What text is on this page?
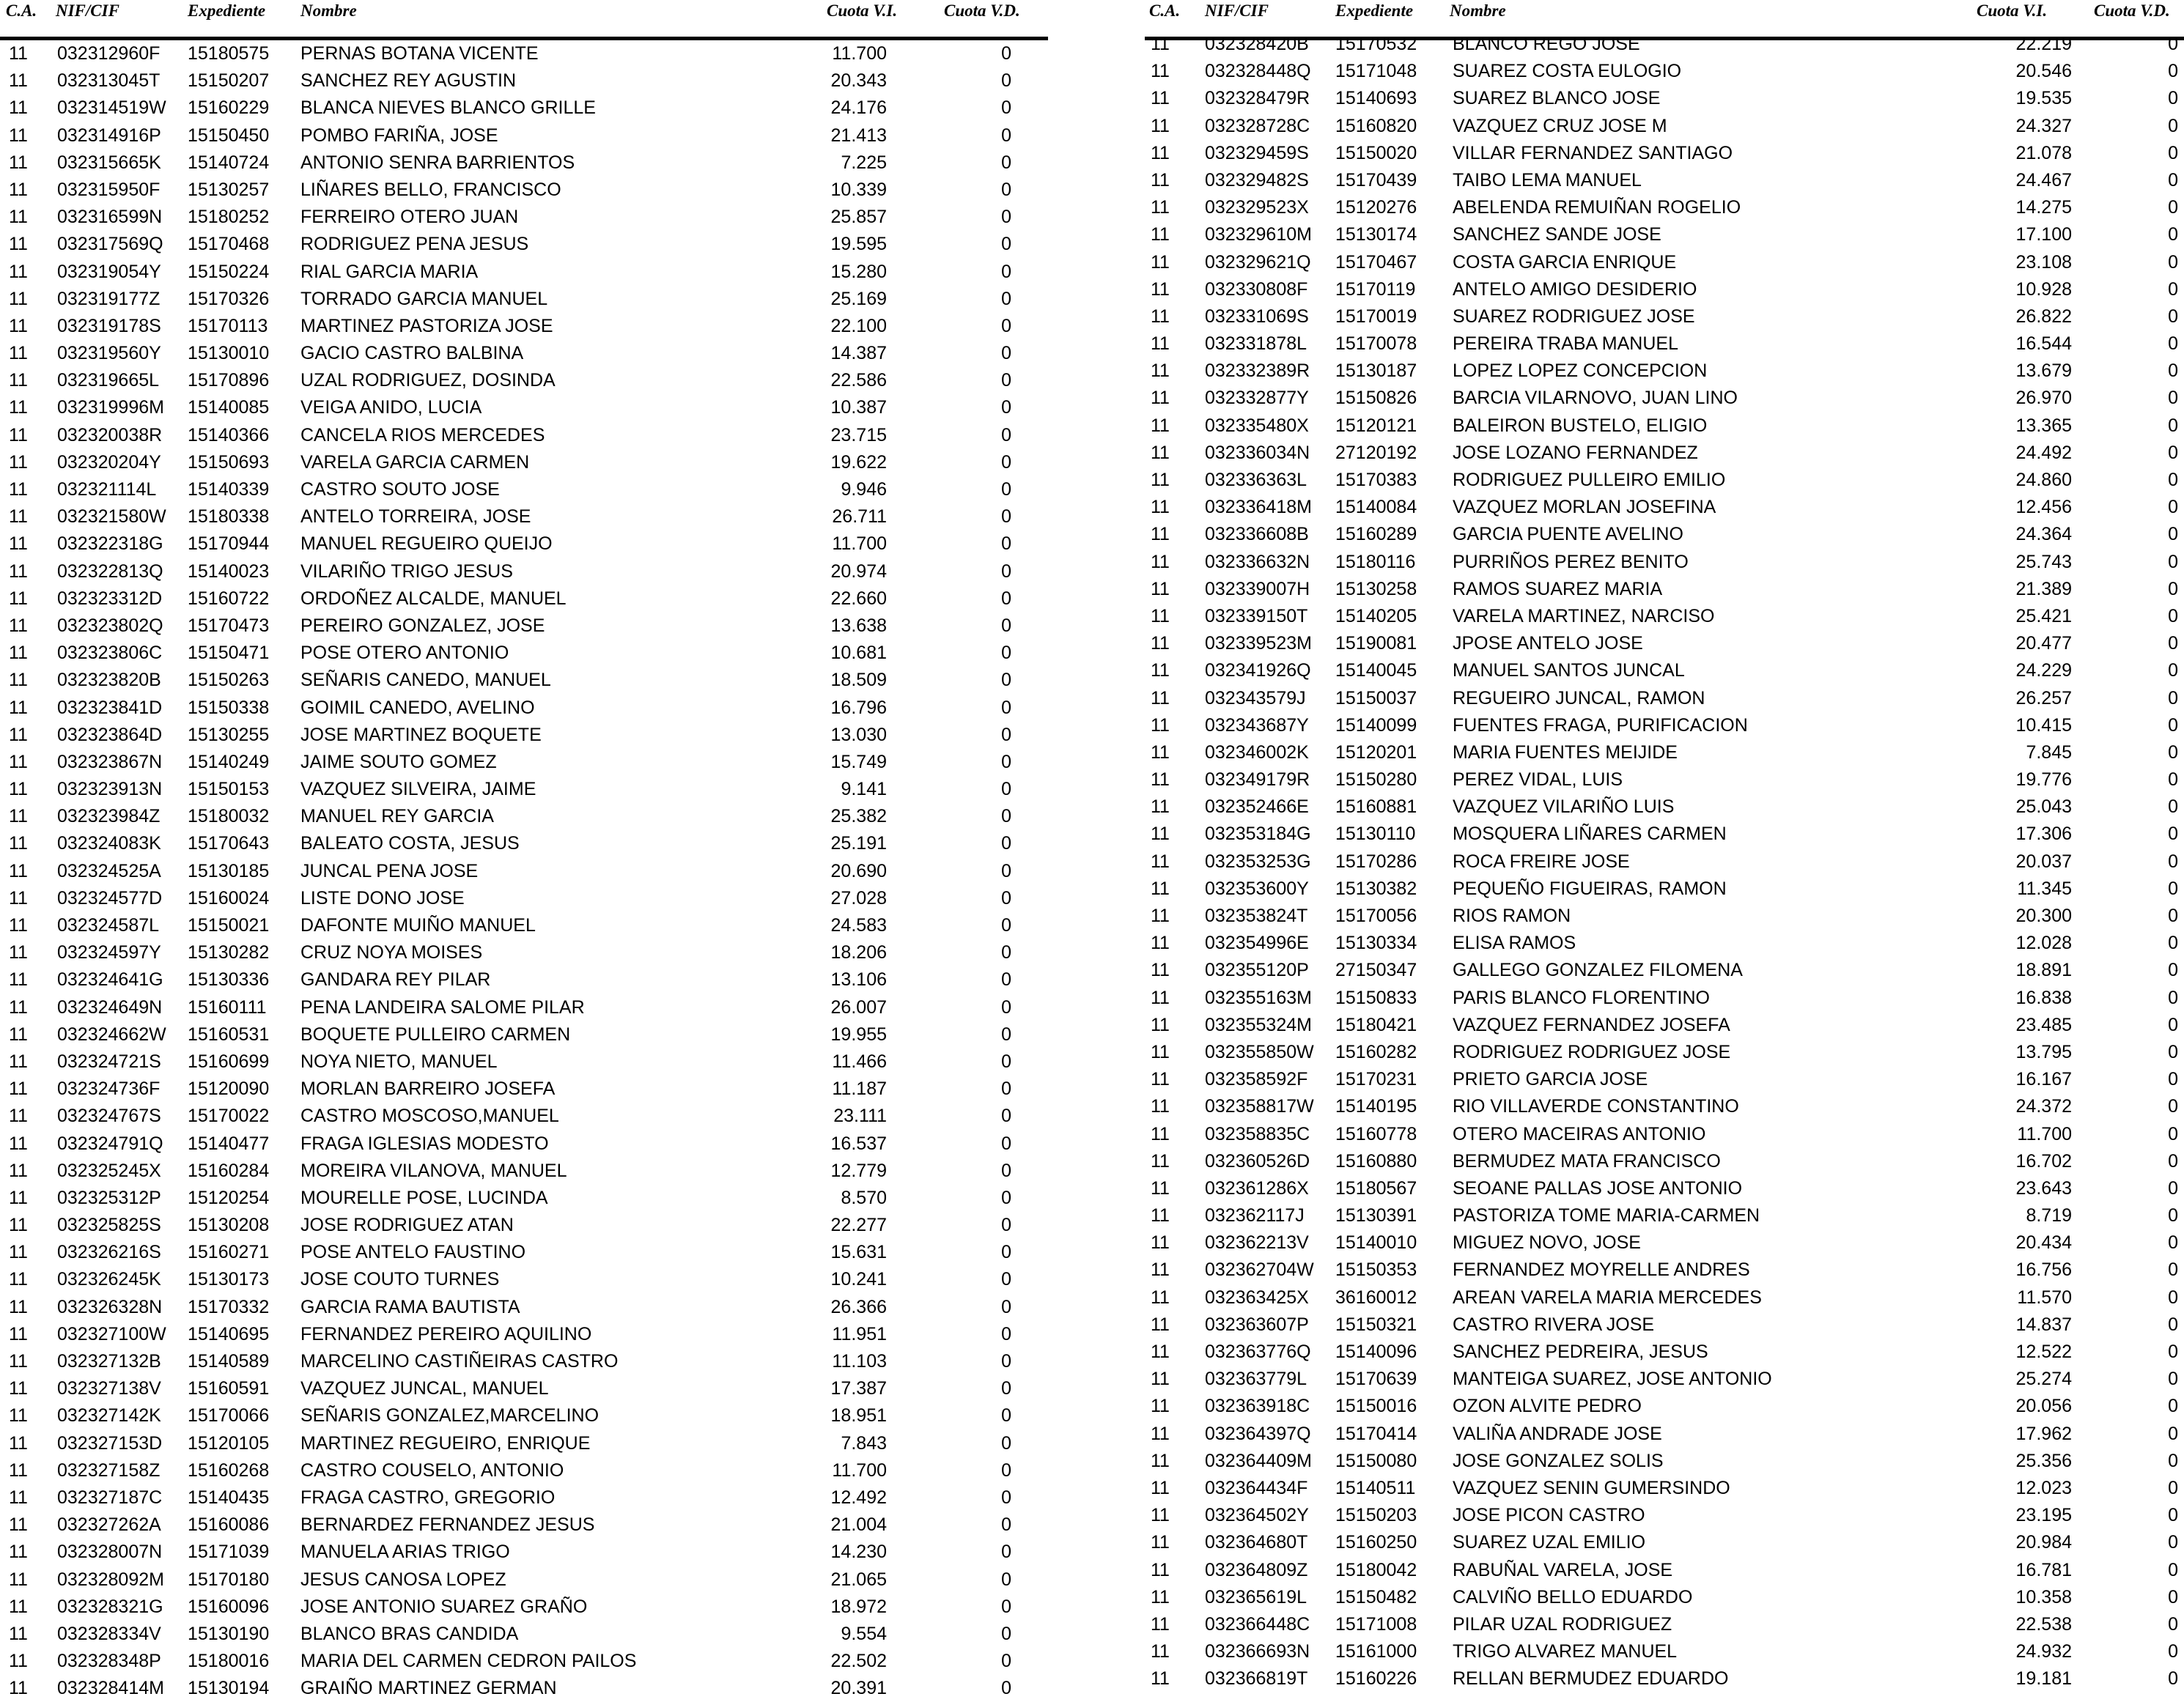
C.A. NIF/CIF	Expediente Nombre	Cuota V.I.	Cuota V.D.
11 032312960F 15180575 PERNAS BOTANA VICENTE	11.700	0
11 032313045T 15150207 SANCHEZ REY AGUSTIN	20.343	0
11 032314519W 15160229 BLANCA NIEVES BLANCO GRILLE	24.176	0
11 032314916P 15150450 POMBO FARIÑA, JOSE	21.413	0
11 032315665K 15140724 ANTONIO SENRA BARRIENTOS	7.225	0
11 032315950F 15130257 LIÑARES BELLO, FRANCISCO	10.339	0
11 032316599N 15180252 FERREIRO OTERO JUAN	25.857	0
11 032317569Q 15170468 RODRIGUEZ PENA JESUS	19.595	0
11 032319054Y 15150224 RIAL GARCIA MARIA	15.280	0
11 032319177Z 15170326 TORRADO GARCIA MANUEL	25.169	0
11 032319178S 15170113 MARTINEZ PASTORIZA JOSE	22.100	0
11 032319560Y 15130010 GACIO CASTRO BALBINA	14.387	0
11 032319665L 15170896 UZAL RODRIGUEZ, DOSINDA	22.586	0
11 032319996M 15140085 VEIGA ANIDO, LUCIA	10.387	0
11 032320038R 15140366 CANCELA RIOS MERCEDES	23.715	0
11 032320204Y 15150693 VARELA GARCIA CARMEN	19.622	0
11 032321114L 15140339 CASTRO SOUTO JOSE	9.946	0
11 032321580W 15180338 ANTELO TORREIRA, JOSE	26.711	0
11 032322318G 15170944 MANUEL REGUEIRO QUEIJO	11.700	0
11 032322813Q 15140023 VILARIÑO TRIGO JESUS	20.974	0
11 032323312D 15160722 ORDOÑEZ ALCALDE, MANUEL	22.660	0
11 032323802Q 15170473 PEREIRO GONZALEZ, JOSE	13.638	0
11 032323806C 15150471 POSE OTERO ANTONIO	10.681	0
11 032323820B 15150263 SEÑARIS CANEDO, MANUEL	18.509	0
11 032323841D 15150338 GOIMIL CANEDO, AVELINO	16.796	0
11 032323864D 15130255 JOSE MARTINEZ BOQUETE	13.030	0
11 032323867N 15140249 JAIME SOUTO GOMEZ	15.749	0
11 032323913N 15150153 VAZQUEZ SILVEIRA, JAIME	9.141	0
11 032323984Z 15180032 MANUEL REY GARCIA	25.382	0
11 032324083K 15170643 BALEATO COSTA, JESUS	25.191	0
11 032324525A 15130185 JUNCAL PENA JOSE	20.690	0
11 032324577D 15160024 LISTE DONO JOSE	27.028	0
11 032324587L 15150021 DAFONTE MUIÑO MANUEL	24.583	0
11 032324597Y 15130282 CRUZ NOYA MOISES	18.206	0
11 032324641G 15130336 GANDARA REY PILAR	13.106	0
11 032324649N 15160111 PENA LANDEIRA SALOME PILAR	26.007	0
11 032324662W 15160531 BOQUETE PULLEIRO CARMEN	19.955	0
11 032324721S 15160699 NOYA NIETO, MANUEL	11.466	0
11 032324736F 15120090 MORLAN BARREIRO JOSEFA	11.187	0
11 032324767S 15170022 CASTRO MOSCOSO,MANUEL	23.111	0
11 032324791Q 15140477 FRAGA IGLESIAS MODESTO	16.537	0
11 032325245X 15160284 MOREIRA VILANOVA, MANUEL	12.779	0
11 032325312P 15120254 MOURELLE POSE, LUCINDA	8.570	0
11 032325825S 15130208 JOSE RODRIGUEZ ATAN	22.277	0
11 032326216S 15160271 POSE ANTELO FAUSTINO	15.631	0
11 032326245K 15130173 JOSE COUTO TURNES	10.241	0
11 032326328N 15170332 GARCIA RAMA BAUTISTA	26.366	0
11 032327100W 15140695 FERNANDEZ PEREIRO AQUILINO	11.951	0
11 032327132B 15140589 MARCELINO CASTIÑEIRAS CASTRO	11.103	0
11 032327138V 15160591 VAZQUEZ JUNCAL, MANUEL	17.387	0
11 032327142K 15170066 SEÑARIS GONZALEZ,MARCELINO	18.951	0
11 032327153D 15120105 MARTINEZ REGUEIRO, ENRIQUE	7.843	0
11 032327158Z 15160268 CASTRO COUSELO, ANTONIO	11.700	0
11 032327187C 15140435 FRAGA CASTRO, GREGORIO	12.492	0
11 032327262A 15160086 BERNARDEZ FERNANDEZ JESUS	21.004	0
11 032328007N 15171039 MANUELA ARIAS TRIGO	14.230	0
11 032328092M 15170180 JESUS CANOSA LOPEZ	21.065	0
11 032328321G 15160096 JOSE ANTONIO SUAREZ GRAÑO	18.972	0
11 032328334V 15130190 BLANCO BRAS CANDIDA	9.554	0
11 032328348P 15180016 MARIA DEL CARMEN CEDRON PAILOS	22.502	0
11 032328414M 15130194 GRAIÑO MARTINEZ GERMAN	20.391	0
C.A. NIF/CIF	Expediente Nombre	Cuota V.I.	Cuota V.D.
11 032328420B 15170532 BLANCO REGO JOSE	22.219	0
11 032328448Q 15171048 SUAREZ COSTA EULOGIO	20.546	0
11 032328479R 15140693 SUAREZ BLANCO JOSE	19.535	0
11 032328728C 15160820 VAZQUEZ CRUZ JOSE M	24.327	0
11 032329459S 15150020 VILLAR FERNANDEZ SANTIAGO	21.078	0
11 032329482S 15170439 TAIBO LEMA MANUEL	24.467	0
11 032329523X 15120276 ABELENDA REMUIÑAN ROGELIO	14.275	0
11 032329610M 15130174 SANCHEZ SANDE JOSE	17.100	0
11 032329621Q 15170467 COSTA GARCIA ENRIQUE	23.108	0
11 032330808F 15170119 ANTELO AMIGO DESIDERIO	10.928	0
11 032331069S 15170019 SUAREZ RODRIGUEZ JOSE	26.822	0
11 032331878L 15170078 PEREIRA TRABA MANUEL	16.544	0
11 032332389R 15130187 LOPEZ LOPEZ CONCEPCION	13.679	0
11 032332877Y 15150826 BARCIA VILARNOVO, JUAN LINO	26.970	0
11 032335480X 15120121 BALEIRON BUSTELO, ELIGIO	13.365	0
11 032336034N 27120192 JOSE LOZANO FERNANDEZ	24.492	0
11 032336363L 15170383 RODRIGUEZ PULLEIRO EMILIO	24.860	0
11 032336418M 15140084 VAZQUEZ MORLAN JOSEFINA	12.456	0
11 032336608B 15160289 GARCIA PUENTE AVELINO	24.364	0
11 032336632N 15180116 PURRIÑOS PEREZ BENITO	25.743	0
11 032339007H 15130258 RAMOS SUAREZ MARIA	21.389	0
11 032339150T 15140205 VARELA MARTINEZ, NARCISO	25.421	0
11 032339523M 15190081 JPOSE ANTELO JOSE	20.477	0
11 032341926Q 15140045 MANUEL SANTOS JUNCAL	24.229	0
11 032343579J 15150037 REGUEIRO JUNCAL, RAMON	26.257	0
11 032343687Y 15140099 FUENTES FRAGA, PURIFICACION	10.415	0
11 032346002K 15120201 MARIA FUENTES MEIJIDE	7.845	0
11 032349179R 15150280 PEREZ VIDAL, LUIS	19.776	0
11 032352466E 15160881 VAZQUEZ VILARIÑO LUIS	25.043	0
11 032353184G 15130110 MOSQUERA LIÑARES CARMEN	17.306	0
11 032353253G 15170286 ROCA FREIRE JOSE	20.037	0
11 032353600Y 15130382 PEQUEÑO FIGUEIRAS, RAMON	11.345	0
11 032353824T 15170056 RIOS RAMON	20.300	0
11 032354996E 15130334 ELISA RAMOS	12.028	0
11 032355120P 27150347 GALLEGO GONZALEZ FILOMENA	18.891	0
11 032355163M 15150833 PARIS BLANCO FLORENTINO	16.838	0
11 032355324M 15180421 VAZQUEZ FERNANDEZ JOSEFA	23.485	0
11 032355850W 15160282 RODRIGUEZ RODRIGUEZ JOSE	13.795	0
11 032358592F 15170231 PRIETO GARCIA JOSE	16.167	0
11 032358817W 15140195 RIO VILLAVERDE CONSTANTINO	24.372	0
11 032358835C 15160778 OTERO MACEIRAS ANTONIO	11.700	0
11 032360526D 15160880 BERMUDEZ MATA FRANCISCO	16.702	0
11 032361286X 15180567 SEOANE PALLAS JOSE ANTONIO	23.643	0
11 032362117J 15130391 PASTORIZA TOME MARIA-CARMEN	8.719	0
11 032362213V 15140010 MIGUEZ NOVO, JOSE	20.434	0
11 032362704W 15150353 FERNANDEZ MOYRELLE ANDRES	16.756	0
11 032363425X 36160012 AREAN VARELA MARIA MERCEDES	11.570	0
11 032363607P 15150321 CASTRO RIVERA JOSE	14.837	0
11 032363776Q 15140096 SANCHEZ PEDREIRA, JESUS	12.522	0
11 032363779L 15170639 MANTEIGA SUAREZ, JOSE ANTONIO	25.274	0
11 032363918C 15150016 OZON ALVITE PEDRO	20.056	0
11 032364397Q 15170414 VALIÑA ANDRADE JOSE	17.962	0
11 032364409M 15150080 JOSE GONZALEZ SOLIS	25.356	0
11 032364434F 15140511 VAZQUEZ SENIN GUMERSINDO	12.023	0
11 032364502Y 15150203 JOSE PICON CASTRO	23.195	0
11 032364680T 15160250 SUAREZ UZAL EMILIO	20.984	0
11 032364809Z 15180042 RABUÑAL VARELA, JOSE	16.781	0
11 032365619L 15150482 CALVIÑO BELLO EDUARDO	10.358	0
11 032366448C 15171008 PILAR UZAL RODRIGUEZ	22.538	0
11 032366693N 15161000 TRIGO ALVAREZ MANUEL	24.932	0
11 032366819T 15160226 RELLAN BERMUDEZ EDUARDO	19.181	0
